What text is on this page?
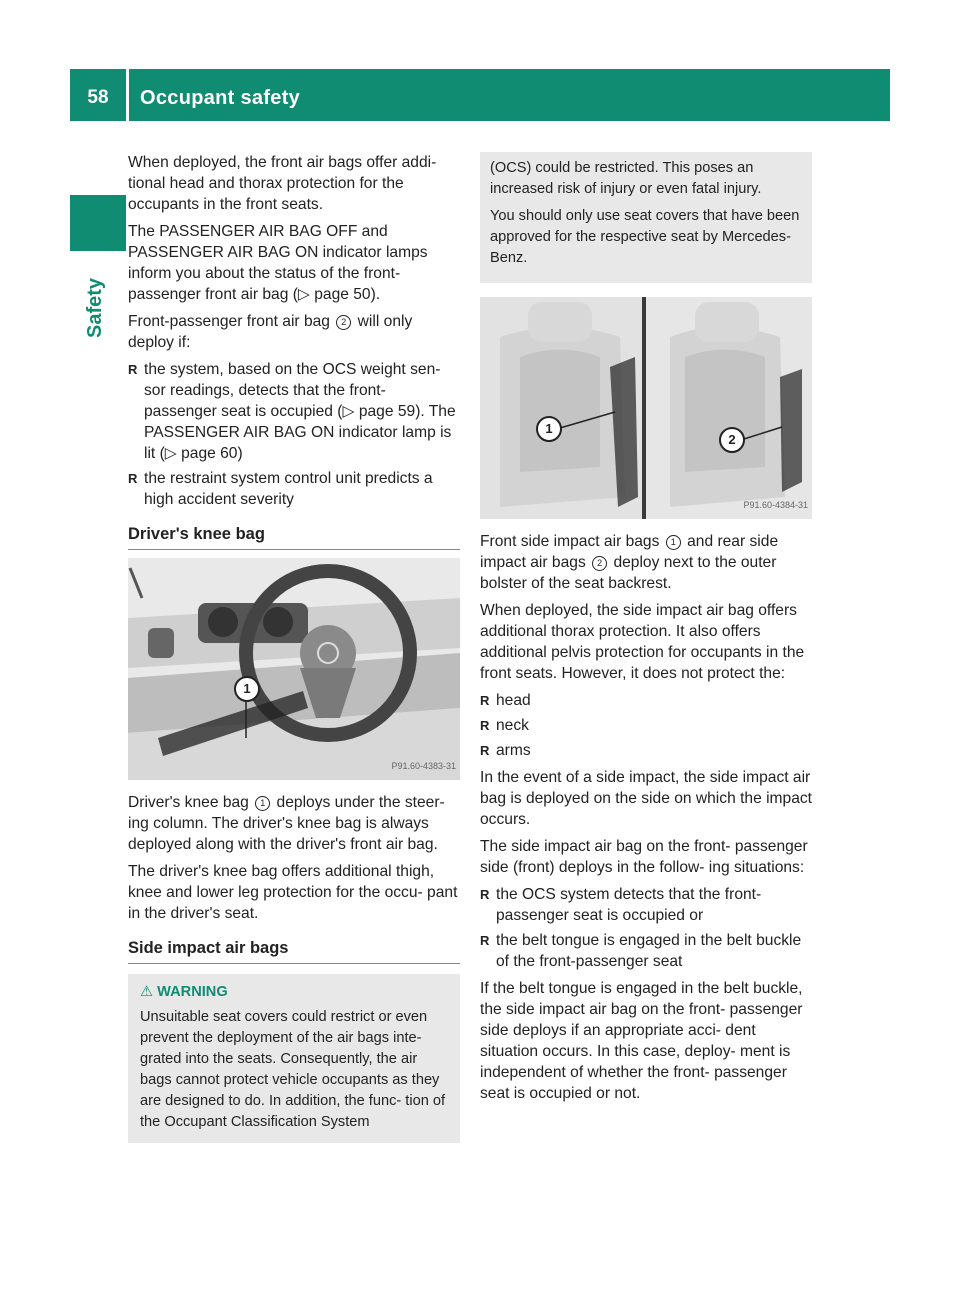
58	Occupant safety
Safety

When deployed, the front air bags offer addi- tional head and thorax protection for the occupants in the front seats.

The PASSENGER AIR BAG OFF and PASSENGER AIR BAG ON indicator lamps inform you about the status of the front- passenger front air bag (▷ page 50).

Front-passenger front air bag 2 will only deploy if:

R the system, based on the OCS weight sen- sor readings, detects that the front- passenger seat is occupied (▷ page 59). The PASSENGER AIR BAG ON indicator lamp is lit (▷ page 60)
R the restraint system control unit predicts a high accident severity
Driver's knee bag
1
P91.60-4383-31

Driver's knee bag 1 deploys under the steer- ing column. The driver's knee bag is always deployed along with the driver's front air bag.

The driver's knee bag offers additional thigh, knee and lower leg protection for the occu- pant in the driver's seat.

Side impact air bags
⚠ WARNING
Unsuitable seat covers could restrict or even prevent the deployment of the air bags inte- grated into the seats. Consequently, the air bags cannot protect vehicle occupants as they are designed to do. In addition, the func- tion of the Occupant Classification System

(OCS) could be restricted. This poses an increased risk of injury or even fatal injury.

You should only use seat covers that have been approved for the respective seat by Mercedes-Benz.

1
2
P91.60-4384-31

Front side impact air bags 1 and rear side impact air bags 2 deploy next to the outer bolster of the seat backrest.

When deployed, the side impact air bag offers additional thorax protection. It also offers additional pelvis protection for occupants in the front seats. However, it does not protect the:

R head
R neck
R arms

In the event of a side impact, the side impact air bag is deployed on the side on which the impact occurs.

The side impact air bag on the front- passenger side (front) deploys in the follow- ing situations:

R the OCS system detects that the front- passenger seat is occupied or
R the belt tongue is engaged in the belt buckle of the front-passenger seat

If the belt tongue is engaged in the belt buckle, the side impact air bag on the front- passenger side deploys if an appropriate acci- dent situation occurs. In this case, deploy- ment is independent of whether the front- passenger seat is occupied or not.
